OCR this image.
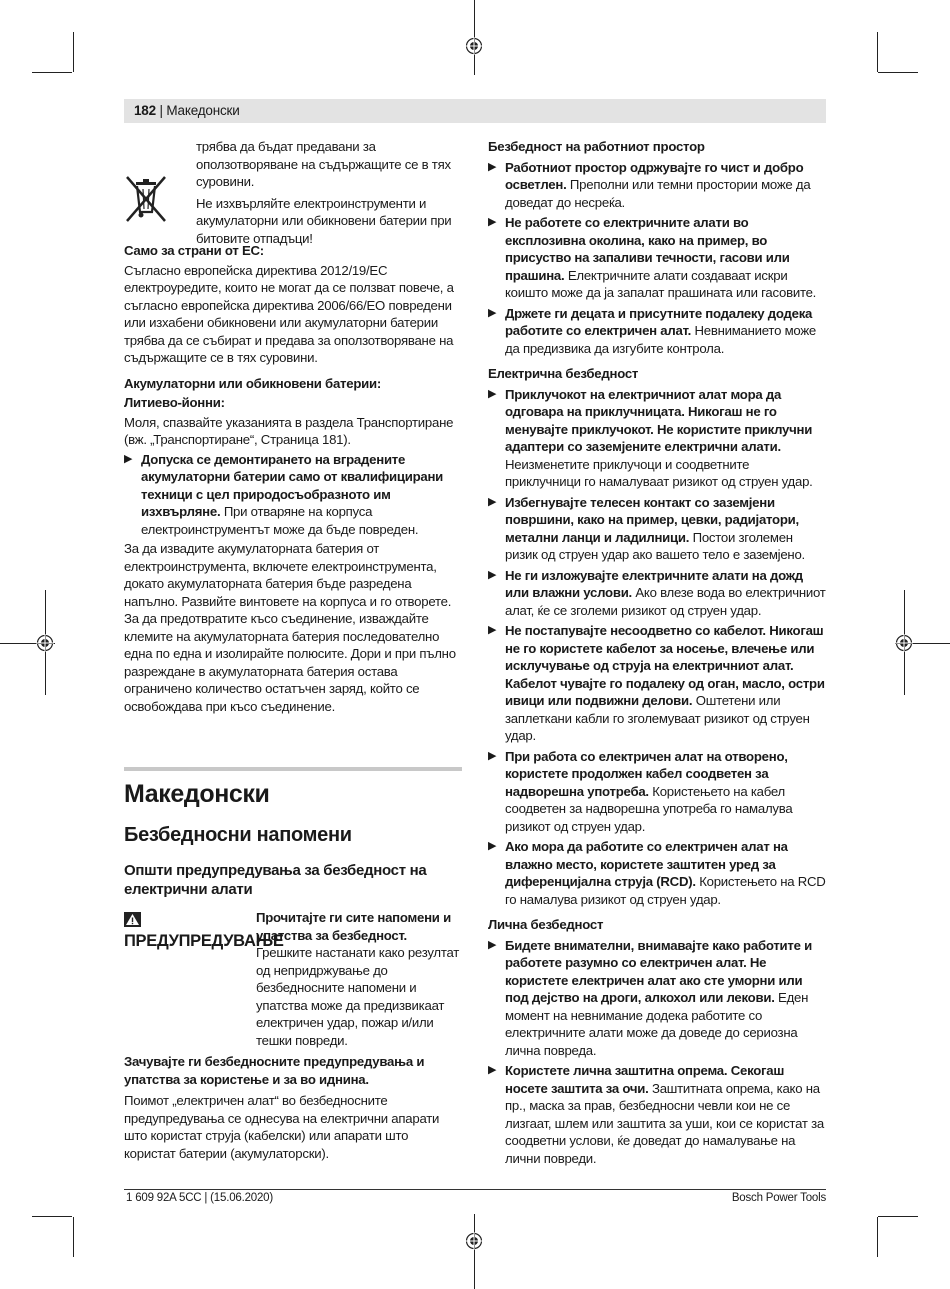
182 | Македонски

трябва да бъдат предавани за оползотворяване на съдържащите се в тях суровини.

Не изхвърляйте електроинструменти и акумулаторни или обикновени батерии при битовите отпадъци!

Само за страни от ЕС:

Съгласно европейска директива 2012/19/ЕС електроуредите, които не могат да се ползват повече, а съгласно европейска директива 2006/66/ЕО повредени или изхабени обикновени или акумулаторни батерии трябва да се събират и предава за оползотворяване на съдържащите се в тях суровини.

Акумулаторни или обикновени батерии:

Литиево-йонни:

Моля, спазвайте указанията в раздела Транспортиране (вж. „Транспортиране“, Страница 181).

▶ Допуска се демонтирането на вградените акумулаторни батерии само от квалифицирани техници с цел природосъобразното им изхвърляне. При отваряне на корпуса електроинструментът може да бъде повреден.

За да извадите акумулаторната батерия от електроинструмента, включете електроинструмента, докато акумулаторната батерия бъде разредена напълно. Развийте винтовете на корпуса и го отворете. За да предотвратите късо съединение, изваждайте клемите на акумулаторната батерия последователно една по една и изолирайте полюсите. Дори и при пълно разреждане в акумулаторната батерия остава ограничено количество остатъчен заряд, който се освобождава при късо съединение.

Македонски
Безбедносни напомени
Општи предупредувања за безбедност на електрични алати
ПРЕДУПРЕДУВАЊЕ

Прочитајте ги сите напомени и упатства за безбедност. Грешките настанати како резултат од непридржување до безбедносните напомени и упатства може да предизвикаат електричен удар, пожар и/или тешки повреди.

Зачувајте ги безбедносните предупредувања и упатства за користење и за во иднина.

Поимот „електричен алат“ во безбедносните предупредувања се однесува на електрични апарати што користат струја (кабелски) или апарати што користат батерии (акумулаторски).

Безбедност на работниот простор

▶ Работниот простор одржувајте го чист и добро осветлен. Преполни или темни простории може да доведат до несреќа.
▶ Не работете со електричните алати во експлозивна околина, како на пример, во присуство на запаливи течности, гасови или прашина. Електричните алати создаваат искри коишто може да ја запалат прашината или гасовите.
▶ Држете ги децата и присутните подалеку додека работите со електричен алат. Невниманието може да предизвика да изгубите контрола.

Електрична безбедност

▶ Приклучокот на електричниот алат мора да одговара на приклучницата. Никогаш не го менувајте приклучокот. Не користите приклучни адаптери со заземјените електрични алати. Неизменетите приклучоци и соодветните приклучници го намалуваат ризикот од струен удар.
▶ Избегнувајте телесен контакт со заземјени површини, како на пример, цевки, радијатори, метални ланци и ладилници. Постои зголемен ризик од струен удар ако вашето тело е заземјено.
▶ Не ги изложувајте електричните алати на дожд или влажни услови. Ако влезе вода во електричниот алат, ќе се зголеми ризикот од струен удар.
▶ Не постапувајте несоодветно со кабелот. Никогаш не го користете кабелот за носење, влечење или исклучување од струја на електричниот алат. Кабелот чувајте го подалеку од оган, масло, остри ивици или подвижни делови. Оштетени или заплеткани кабли го зголемуваат ризикот од струен удар.
▶ При работа со електричен алат на отворено, користете продолжен кабел соодветен за надворешна употреба. Користењето на кабел соодветен за надворешна употреба го намалува ризикот од струен удар.
▶ Ако мора да работите со електричен алат на влажно место, користете заштитен уред за диференцијална струја (RCD). Користењето на RCD го намалува ризикот од струен удар.

Лична безбедност

▶ Бидете внимателни, внимавајте како работите и работете разумно со електричен алат. Не користете електричен алат ако сте уморни или под дејство на дроги, алкохол или лекови. Еден момент на невнимание додека работите со електричните алати може да доведе до сериозна лична повреда.
▶ Користете лична заштитна опрема. Секогаш носете заштита за очи. Заштитната опрема, како на пр., маска за прав, безбедносни чевли кои не се лизгаат, шлем или заштита за уши, кои се користат за соодветни услови, ќе доведат до намалување на лични повреди.
1 609 92A 5CC | (15.06.2020)	Bosch Power Tools
